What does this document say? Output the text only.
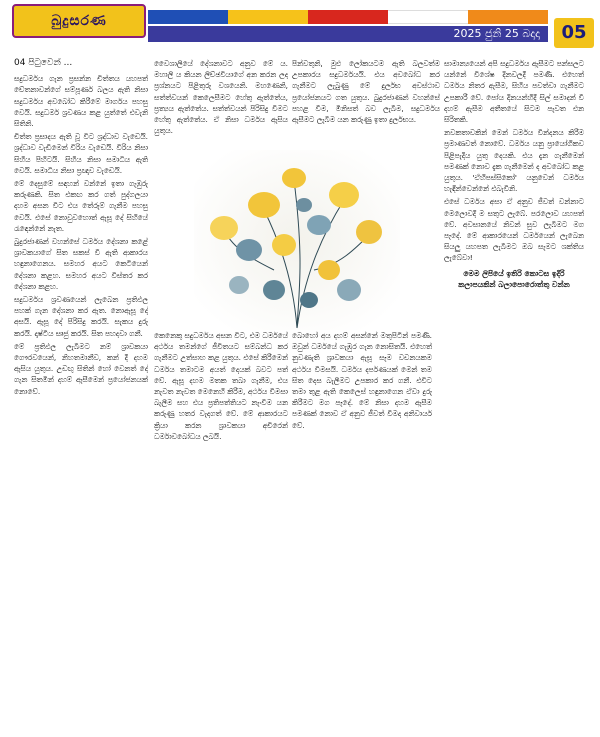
බුදුසරණ
2025 ජුනි 25 බදාදා	05
04 පිටුවෙන් ...

සදුධර්මය ගැන ප්‍රසන්න චිත්තය යහපත් චේතනාවන්ගේ සම්පූර්ණ බලය ඇති නිසා සදුධර්මය අවබෝධ කිරීමේ මාර්ගය පහසු වෙයි. සදුධර්ම ශ්‍රවණය කළ යුත්තේ එවැනි සිතිනි.

චිත්ත ප්‍රසාදය ඇති වූ විට ශ්‍රද්ධාව වැඩෙයි. ශ්‍රද්ධාව වැඩීමෙන් විරිය වැඩෙයි. විරිය නිසා සිහිය පිහිටයි. සිහිය නිසා සමාධිය ඇති වෙයි. සමාධිය නිසා ප්‍රඥාව වැඩෙයි.

මේ දෙසුමේ සඳහන් වන්නේ ඉතා ගැඹුරු කරුණකි. සිත එකඟ කර ගත් පුද්ගලයා දහම අසන විට එය තේරුම් ගැනීම පහසු වෙයි. එසේ නොවුවහොත් ඇසූ දේ සිහියේ රැඳෙන්නේ නැත.

බුදුරජාණන් වහන්සේ ධර්මය දේශනා කළේ ශ්‍රාවකයාගේ සිත සකස් වී ඇති ආකාරය හඳුනාගෙනය. සමහර අයට කෙටියෙන් දේශනා කළහ. සමහර අයට විස්තර කර දේශනා කළහ.

සදුධර්මය ශ්‍රවණයෙන් ලැබෙන ප්‍රතිඵල පහක් ගැන දේශනා කර ඇත. නොඇසූ දේ අසයි. ඇසූ දේ පිරිසිදු කරයි. සැකය දුරු කරයි. දෘෂ්ටිය සෘජු කරයි. සිත පහදවා ගනී.

මේ ප්‍රතිඵල ලැබීමට නම් ශ්‍රාවකයා ගෞරවයෙන්, නිහතමානීව, කන් දී දහම ඇසිය යුතුය. උඩඟු සිතින් හෝ වෙනත් දේ ගැන සිතමින් දහම් ඇසීමෙන් ප්‍රයෝජනයක් නොවේ.

වෛශාලියේ දේශනාවට අනුව මේ ය. මහාලි ය කියන ලිච්ඡවියාගේ අන කරන ලද ප්‍රශ්නයට පිළිතුරු වශයෙනි. මහණෙනි, සත්ත්වයන් කෙලෙසීමට හේතු ඇත්තේය, ප්‍රත්‍යය ඇත්තේය. සත්ත්වයන් පිරිසිදු වීමට හේතු ඇත්තේය. ඒ නිසා ධර්මය ඇසිය යුතුය.

පින්වතුනි, මුළු ලෝකයටම ඇති බලවත්ම උපකාරය සදුධර්මයයි. එය අවබෝධ කර ගැනීමට ලැබුණු මේ දුර්ලභ අවස්ථාව ප්‍රයෝජනයට ගත යුතුය. බුදුරජාණන් වහන්සේ පහළ වීම, මිනිසත් බව ලැබීම, සදුධර්මය ඇසීමට ලැබීම යන කරුණු ඉතා දුර්ලභය.

කෙනෙකු සදුධර්මය අසන විට, එම ධර්මයේ අර්ථය තමන්ගේ ජීවිතයට සම්බන්ධ කර ගැනීමට උත්සාහ කළ යුතුය. එසේ කිරීමෙන් ධර්මය තමාටම අයත් දෙයක් බවට පත් වේ. ඇසූ දහම මතක තබා ගැනීම, එය නැවත නැවත මෙනෙහි කිරීම, අර්ථය විමසා බැලීම සහ එය ප්‍රතිපත්තියට නැංවීම යන කරුණු හතර වැදගත් වේ. මේ ආකාරයට ක්‍රියා කරන ශ්‍රාවකයා අචිරෙන් ධර්මාවබෝධය ලබයි.

බොහෝ අය දහම් අසන්නේ මතුපිටින් පමණි. ඔවුන් ධර්මයේ ගැඹුර ගැන නොසිතයි. එහෙත් නුවණැති ශ්‍රාවකයා ඇසූ සෑම වචනයකම අර්ථය විමසයි. ධර්මය දර්පණයක් මෙන් තම සිත දෙස බැලීමට උපකාර කර ගනී. එවිට තමා තුළ ඇති කෙලෙස් හඳුනාගෙන ඒවා දුරු කිරීමට මග පෑදේ. මේ නිසා දහම ඇසීම පමණක් නොව ඒ අනුව ජීවත් වීමද අනිවාර්ය වේ.

සාමාන්‍යයෙන් අපි සදුධර්මය ඇසීමට පන්සලට යන්නේ විශේෂ දිනවලදී පමණි. එහෙත් ධර්මය නිතර ඇසීම, සිහිය පවත්වා ගැනීමට උපකාරී වේ. පෝය දිනයන්හිදී සිල් සමාදන් වී දහම් ඇසීම අතීතයේ සිටම පැවත එන සිරිතකි.

නවකතාවකින් මෙන් ධර්මය වින්දනය කිරීම ප්‍රමාණවත් නොවේ. ධර්මය යනු ප්‍රායෝගිකව පිළිපැදිය යුතු දෙයකි. එය දැන ගැනීමෙන් පමණක් නොව දැක ගැනීමෙන් ද අවබෝධ කළ යුතුය. 'ඒහිපස්සිකෝ' යනුවෙන් ධර්මය හැඳින්වෙන්නේ එබැවිනි.

එසේ ධර්මය අසා ඒ අනුව ජීවත් වන්නාට මෙලොවදී ම සතුට ලැබේ. පරලොව යහපත් වේ. අවසානයේ නිවන් සුව ලැබීමට මග පෑදේ. මේ ආකාරයෙන් ධර්මයෙන් ලැබෙන සියලු යහපත ලැබීමට ඔබ සැමට ශක්තිය ලැබේවා!

මෙම ලිපියේ ඉතිරි කොටස ඉදිරි
කලාපයකින් බලාපොරොත්තු වන්න
